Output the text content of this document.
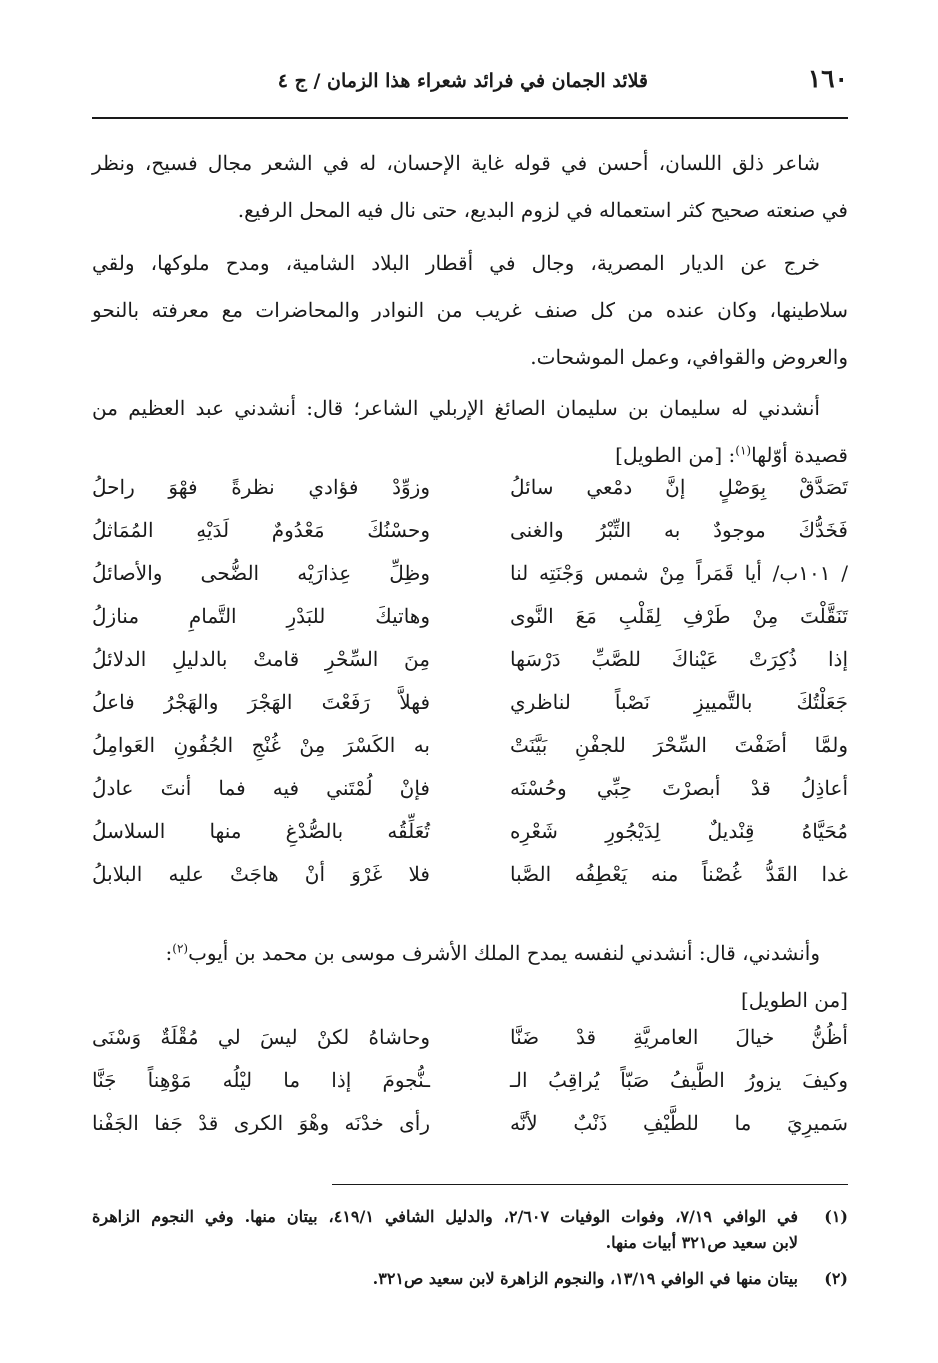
١٦٠
قلائد الجمان في فرائد شعراء هذا الزمان / ج ٤
شاعر ذلق اللسان، أحسن في قوله غاية الإحسان، له في الشعر مجال فسيح، ونظر
في صنعته صحيح كثر استعماله في لزوم البديع، حتى نال فيه المحل الرفيع.
خرج عن الديار المصرية، وجال في أقطار البلاد الشامية، ومدح ملوكها، ولقي
سلاطينها، وكان عنده من كل صنف غريب من النوادر والمحاضرات مع معرفته بالنحو
والعروض والقوافي، وعمل الموشحات.
أنشدني له سليمان بن سليمان الصائغ الإربلي الشاعر؛ قال: أنشدني عبد العظيم من
قصيدة أوّلها$^{(١)}$: [من الطويل]
تَصَدَّقْ بِوَصْلٍ إنَّ دمْعي سائلُ
وزوِّدْ فؤادي نظرةً فهْوَ راحلُ
فَخَدُّكَ موجودٌ به التِّبْرُ والغنى
وحسْنُكَ مَعْدُومٌ لَدَيْهِ المُمَاثلُ
/ ١٠١ب/ أيا قَمَراً مِنْ شمس وَجْنَتِه لنا
وظِلِّ عِذارَيْه الضُّحى والأصائلُ
تَنَقَّلْتَ مِنْ طَرْفِ لِقَلْبِ مَعَ النَّوى
وهاتيكَ للبَدْرِ التَّمامِ منازلُ
إذا ذُكِرَتْ عَيْناكَ للصَّبِّ دَرْسَها
مِنَ السِّحْرِ قامتْ بالدليلِ الدلائلُ
جَعَلْتُكَ بالتَّمييزِ نَصْباً لناظري
فهلاَّ رَفَعْتَ الهَجْرَ والهَجْرُ فاعلُ
ولمَّا أضَفْتَ السِّحْرَ للجفْنِ بَيَّنَتْ
به الكَسْرَ مِنْ غُنْجِ الجُفُونِ العَوامِلُ
أعاذِلُ قدْ أبصرْتَ حِبِّي وحُسْنَه
فإنْ لُمْتَني فيه فما أنتَ عادلُ
مُحَيَّاهُ قِنْديلٌ لِدَيْجُورِ شَعْرِه
تُعَلِّقُه بالصُّدْغِ منها السلاسلُ
غدا القَدُّ غُصْناً منه يَعْطِفُه الصَّبا
فلا غَرْوَ أنْ هاجَتْ عليه البلابلُ
وأنشدني، قال: أنشدني لنفسه يمدح الملك الأشرف موسى بن محمد بن أيوب$^{(٢)}$:
[من الطويل]
أظُنُّ خيالَ العامريَّةِ قدْ ضَنَّا
وحاشاهُ لكنْ ليسَ لي مُقْلَةٌ وَسْنَى
وكيفَ يزورُ الطَّيفُ صَبّاً يُراقِبُ الـ
ـنُّجومَ إذا ما ليْلُه مَوْهِناً جَنَّا
سَميرِيَ ما للطَّيْفِ ذَنْبٌ لأنَّه
رأى خدْنَه وهْوَ الكرى قدْ جَفا الجَفْنا
(١)
في الوافي ٧/١٩، وفوات الوفيات ٢/٦٠٧، والدليل الشافي ٤١٩/١، بيتان منها. وفي النجوم الزاهرة
لابن سعيد ص٣٢١ أبيات منها.
(٢)
بيتان منها في الوافي ١٣/١٩، والنجوم الزاهرة لابن سعيد ص٣٢١.
